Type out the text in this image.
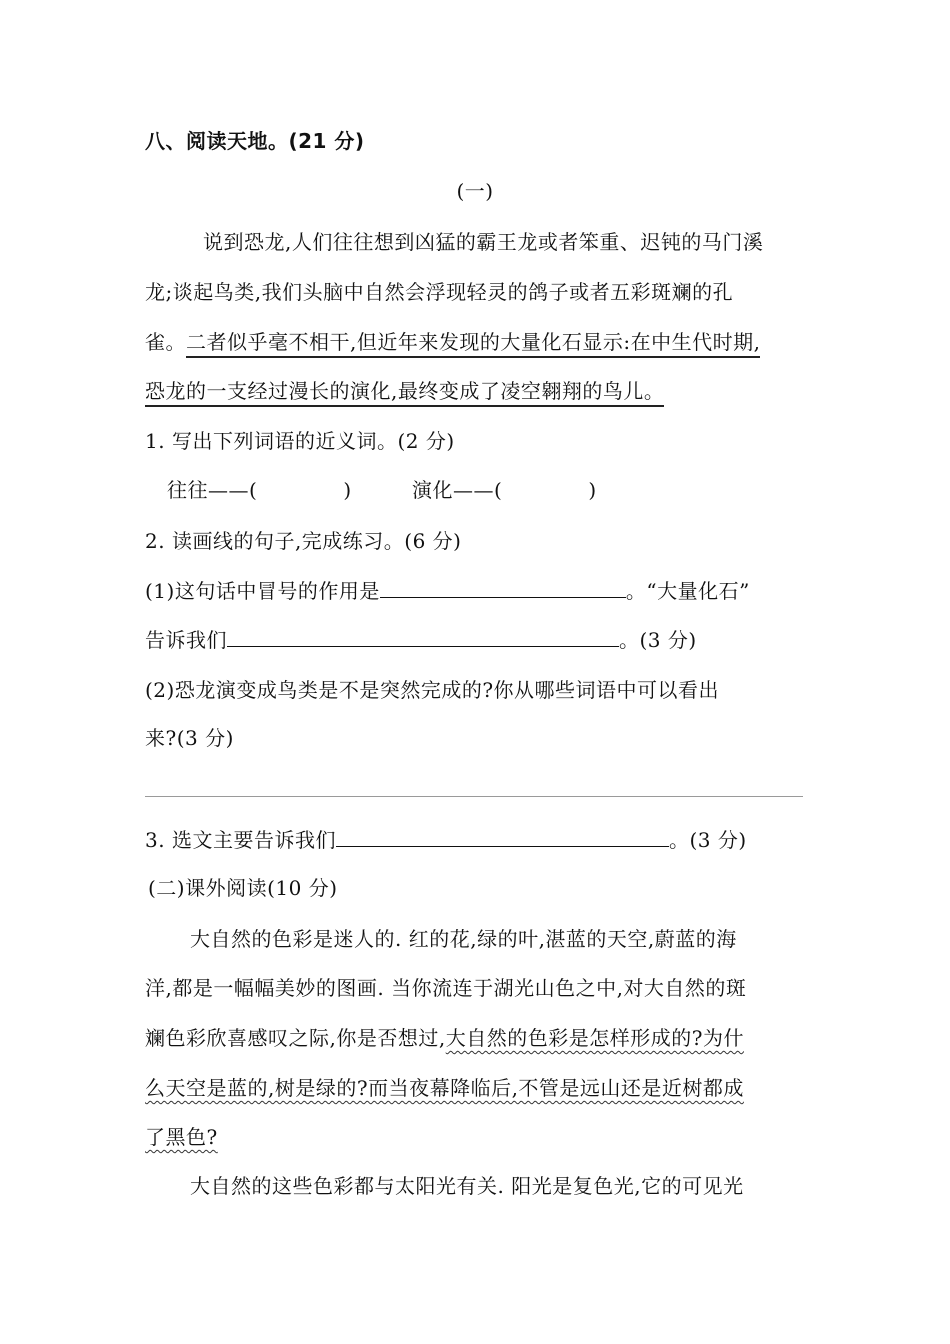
八、阅读天地。(21 分)
(一)
说到恐龙,人们往往想到凶猛的霸王龙或者笨重、迟钝的马门溪
龙;谈起鸟类,我们头脑中自然会浮现轻灵的鸽子或者五彩斑斓的孔
雀。二者似乎毫不相干,但近年来发现的大量化石显示:在中生代时期,
恐龙的一支经过漫长的演化,最终变成了凌空翱翔的鸟儿。
1. 写出下列词语的近义词。(2 分)
往往——(	)	演化——(	)
2. 读画线的句子,完成练习。(6 分)
(1)这句话中冒号的作用是	。“大量化石”
告诉我们	。(3 分)
(2)恐龙演变成鸟类是不是突然完成的?你从哪些词语中可以看出
来?(3 分)
3. 选文主要告诉我们	。(3 分)
(二)课外阅读(10 分)
大自然的色彩是迷人的. 红的花,绿的叶,湛蓝的天空,蔚蓝的海
洋,都是一幅幅美妙的图画. 当你流连于湖光山色之中,对大自然的斑
斓色彩欣喜感叹之际,你是否想过,大自然的色彩是怎样形成的?为什
么天空是蓝的,树是绿的?而当夜幕降临后,不管是远山还是近树都成
了黑色?
大自然的这些色彩都与太阳光有关. 阳光是复色光,它的可见光
